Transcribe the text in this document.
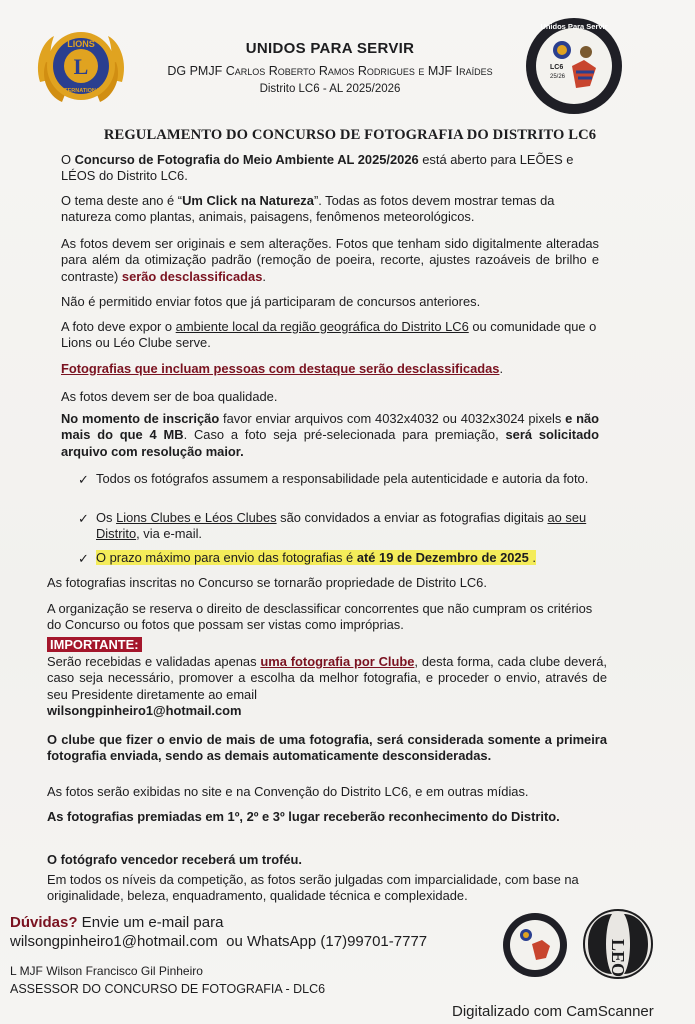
L
LIONS
INTERNATIONAL
UNIDOS PARA SERVIR
DG PMJF Carlos Roberto Ramos Rodrigues e MJF Iraídes
Distrito LC6 - AL 2025/2026
Unidos Para Servir
LC6
25/26
REGULAMENTO DO CONCURSO DE FOTOGRAFIA DO DISTRITO LC6

O Concurso de Fotografia do Meio Ambiente AL 2025/2026 está aberto para LEÕES e LÉOS do Distrito LC6.

O tema deste ano é “Um Click na Natureza”. Todas as fotos devem mostrar temas da natureza como plantas, animais, paisagens, fenômenos meteorológicos.

As fotos devem ser originais e sem alterações. Fotos que tenham sido digitalmente alteradas para além da otimização padrão (remoção de poeira, recorte, ajustes razoáveis de brilho e contraste) serão desclassificadas.

Não é permitido enviar fotos que já participaram de concursos anteriores.

A foto deve expor o ambiente local da região geográfica do Distrito LC6 ou comunidade que o Lions ou Léo Clube serve.

Fotografias que incluam pessoas com destaque serão desclassificadas.

As fotos devem ser de boa qualidade.

No momento de inscrição favor enviar arquivos com 4032x4032 ou 4032x3024 pixels e não mais do que 4 MB. Caso a foto seja pré-selecionada para premiação, será solicitado arquivo com resolução maior.

✓ Todos os fotógrafos assumem a responsabilidade pela autenticidade e autoria da foto.
✓ Os Lions Clubes e Léos Clubes são convidados a enviar as fotografias digitais ao seu Distrito, via e-mail.
✓ O prazo máximo para envio das fotografias é até 19 de Dezembro de 2025 .

As fotografias inscritas no Concurso se tornarão propriedade de Distrito LC6.

A organização se reserva o direito de desclassificar concorrentes que não cumpram os critérios do Concurso ou fotos que possam ser vistas como impróprias.

IMPORTANTE:

Serão recebidas e validadas apenas uma fotografia por Clube, desta forma, cada clube deverá, caso seja necessário, promover a escolha da melhor fotografia, e proceder o envio, através de seu Presidente diretamente ao email
wilsongpinheiro1@hotmail.com

O clube que fizer o envio de mais de uma fotografia, será considerada somente a primeira fotografia enviada, sendo as demais automaticamente desconsideradas.

As fotos serão exibidas no site e na Convenção do Distrito LC6, e em outras mídias.

As fotografias premiadas em 1º, 2º e 3º lugar receberão reconhecimento do Distrito.

O fotógrafo vencedor receberá um troféu.

Em todos os níveis da competição, as fotos serão julgadas com imparcialidade, com base na originalidade, beleza, enquadramento, qualidade técnica e complexidade.

Dúvidas? Envie um e-mail para
wilsongpinheiro1@hotmail.com ou WhatsApp (17)99701-7777
L MJF Wilson Francisco Gil Pinheiro
ASSESSOR DO CONCURSO DE FOTOGRAFIA - DLC6
LEO
Digitalizado com CamScanner
